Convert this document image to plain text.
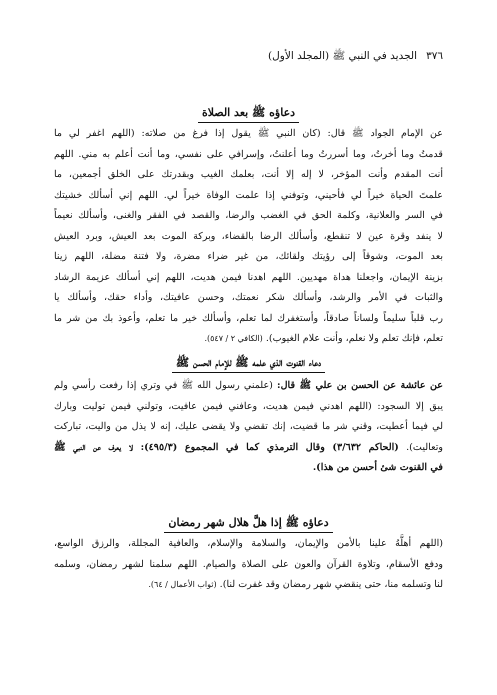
٣٧٦
الجديد في النبي ﷺ (المجلد الأول)
دعاؤه ﷺ بعد الصلاة
عن الإمام الجواد ﷺ قال: (كان النبي ﷺ يقول إذا فرغ من صلاته: (اللهم اغفر لي ما
قدمتُ وما أخرتُ، وما أسررتُ وما أعلنتُ، وإسرافي على نفسي، وما أنت أعلم به مني. اللهم
أنت المقدم وأنت المؤخر، لا إله إلا أنت، بعلمك الغيب وبقدرتك على الخلق أجمعين، ما
علمتَ الحياة خيراً لي فأحيني، وتوفني إذا علمت الوفاة خيراً لي. اللهم إني أسألك خشيتك
في السر والعلانية، وكلمة الحق في الغضب والرضا، والقصد في الفقر والغنى، وأسألك نعيماً
لا ينفد وقرة عين لا تنقطع، وأسألك الرضا بالقضاء، وبركة الموت بعد العيش، وبرد العيش
بعد الموت، وشوقاً إلى رؤيتك ولقائك، من غير ضراء مضرة، ولا فتنة مضلة، اللهم زينا
بزينة الإيمان، واجعلنا هداة مهديين. اللهم اهدنا فيمن هديت، اللهم إني أسألك عزيمة الرشاد
والثبات في الأمر والرشد، وأسألك شكر نعمتك، وحسن عافيتك، وأداء حقك، وأسألك يا
رب قلباً سليماً ولساناً صادقاً، وأستغفرك لما تعلم، وأسألك خير ما تعلم، وأعوذ بك من شر ما
تعلم، فإنك تعلم ولا نعلم، وأنت علام الغيوب). (الكافي ٢ / ٥٤٧).
دعاء القنوت الذي علمه ﷺ للإمام الحسن ﷺ
عن عائشة عن الحسن بن علي ﷺ قال: (علمني رسول الله ﷺ في وتري إذا رفعت رأسي ولم
يبق إلا السجود: (اللهم اهدني فيمن هديت، وعافني فيمن عافيت، وتولني فيمن توليت وبارك
لي فيما أعطيت، وقني شر ما قضيت، إنك تقضي ولا يقضى عليك، إنه لا يذل من واليت، تباركت
وتعاليت). (الحاكم ٣/٦٣٢) وقال الترمذي كما في المجموع (٤٩٥/٣): لا يعرف عن النبي ﷺ
في القنوت شئ أحسن من هذا).
دعاؤه ﷺ إذا هلَّ هلال شهر رمضان
(اللهم أهلَّهُ علينا بالأمن والإيمان، والسلامة والإسلام، والعافية المجللة، والرزق الواسع،
ودفع الأسقام، وتلاوة القرآن والعون على الصلاة والصيام. اللهم سلمنا لشهر رمضان، وسلمه
لنا وتسلمه منا، حتى ينقضي شهر رمضان وقد غفرت لنا). (ثواب الأعمال / ٦٤).
